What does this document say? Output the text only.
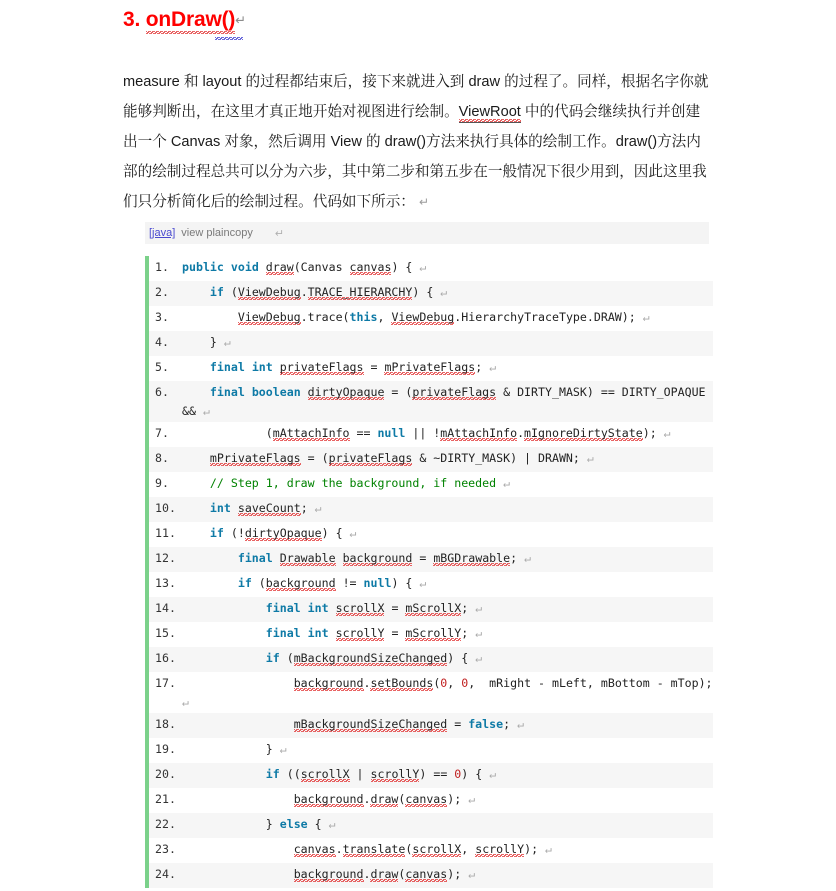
3. onDraw()↵
measure 和 layout 的过程都结束后，接下来就进入到 draw 的过程了。同样，根据名字你就
能够判断出，在这里才真正地开始对视图进行绘制。ViewRoot 中的代码会继续执行并创建
出一个 Canvas 对象，然后调用 View 的 draw()方法来执行具体的绘制工作。draw()方法内
部的绘制过程总共可以分为六步，其中第二步和第五步在一般情况下很少用到，因此这里我
们只分析简化后的绘制过程。代码如下所示： ↵
[java] view plaincopy ↵
1.	public void draw(Canvas canvas) { ↵
2.	if (ViewDebug.TRACE_HIERARCHY) { ↵
3.	ViewDebug.trace(this, ViewDebug.HierarchyTraceType.DRAW); ↵
4.	} ↵
5.	final int privateFlags = mPrivateFlags; ↵
6.	final boolean dirtyOpaque = (privateFlags & DIRTY_MASK) == DIRTY_OPAQUE && ↵
7.	(mAttachInfo == null || !mAttachInfo.mIgnoreDirtyState); ↵
8.	mPrivateFlags = (privateFlags & ~DIRTY_MASK) | DRAWN; ↵
9.	// Step 1, draw the background, if needed ↵
10.	int saveCount; ↵
11.	if (!dirtyOpaque) { ↵
12.	final Drawable background = mBGDrawable; ↵
13.	if (background != null) { ↵
14.	final int scrollX = mScrollX; ↵
15.	final int scrollY = mScrollY; ↵
16.	if (mBackgroundSizeChanged) { ↵
17.	background.setBounds(0, 0,  mRight - mLeft, mBottom - mTop); ↵
18.	mBackgroundSizeChanged = false; ↵
19. } ↵
20.	if ((scrollX | scrollY) == 0) { ↵
21.	background.draw(canvas); ↵
22. } else { ↵
23.	canvas.translate(scrollX, scrollY); ↵
24.	background.draw(canvas); ↵
